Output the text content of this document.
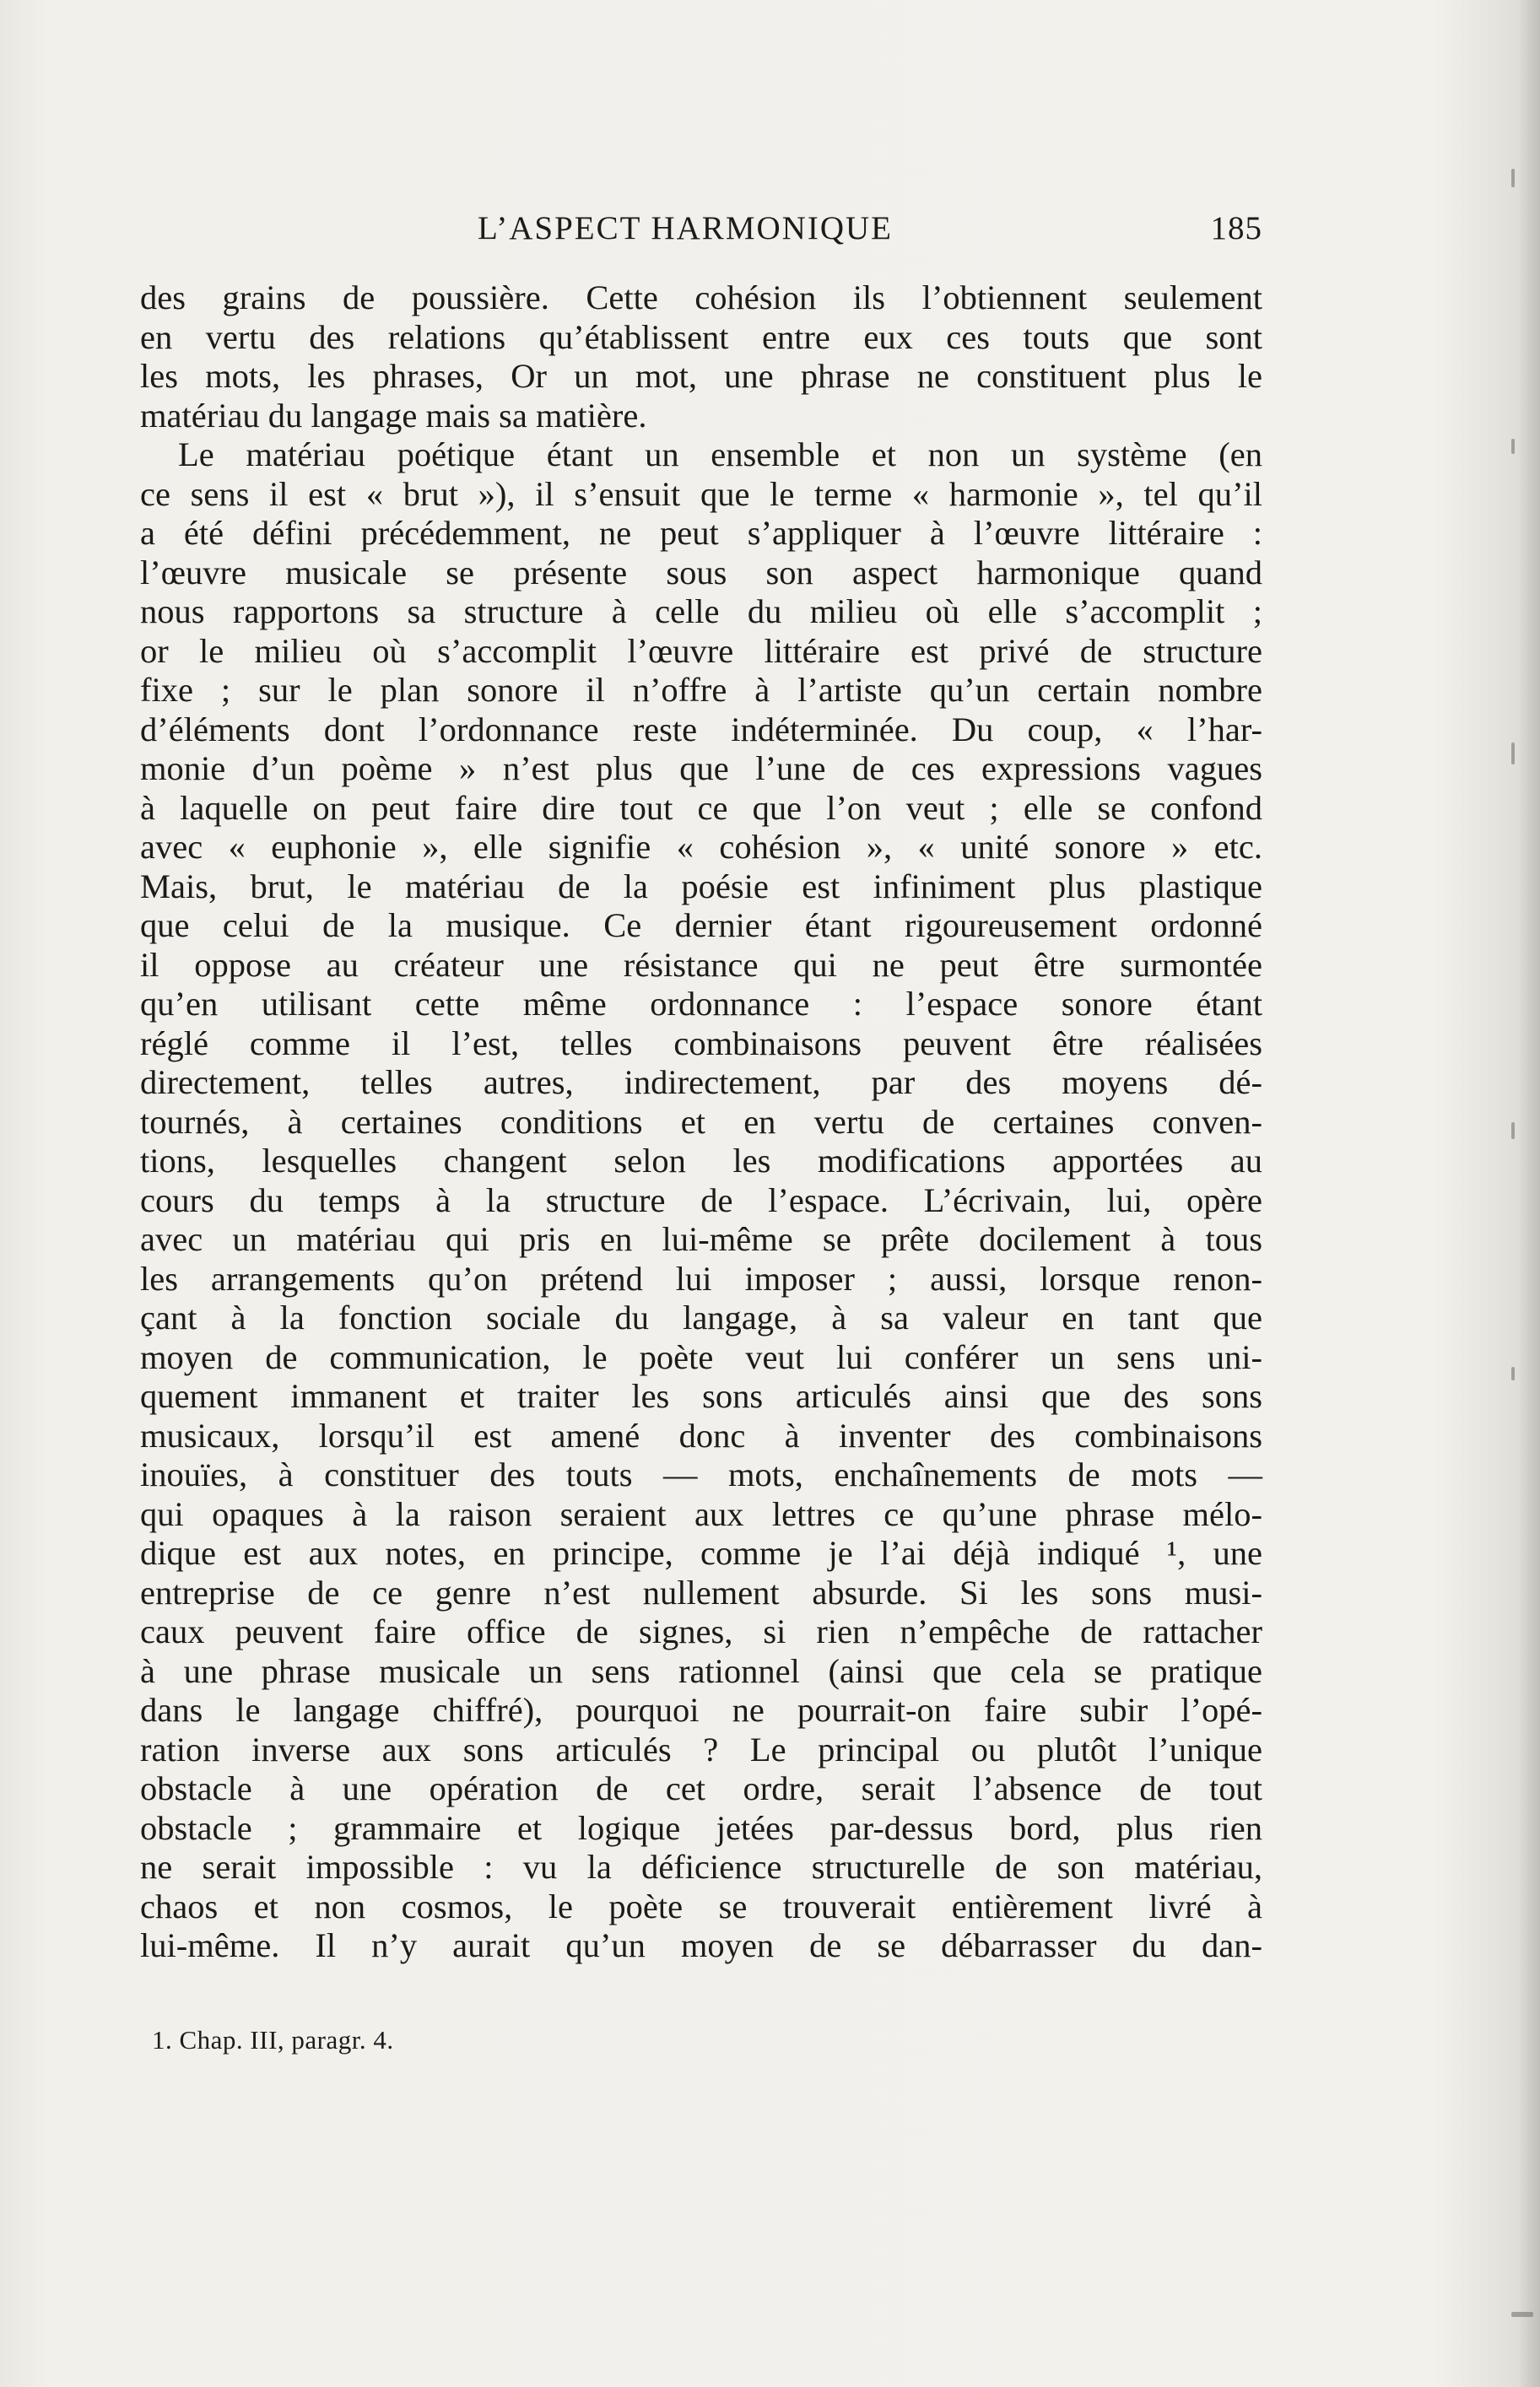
L’ASPECT HARMONIQUE	185
des grains de poussière. Cette cohésion ils l’obtiennent seulement
en vertu des relations qu’établissent entre eux ces touts que sont
les mots, les phrases, Or un mot, une phrase ne constituent plus le
matériau du langage mais sa matière.
Le matériau poétique étant un ensemble et non un système (en
ce sens il est « brut »), il s’ensuit que le terme « harmonie », tel qu’il
a été défini précédemment, ne peut s’appliquer à l’œuvre littéraire :
l’œuvre musicale se présente sous son aspect harmonique quand
nous rapportons sa structure à celle du milieu où elle s’accomplit ;
or le milieu où s’accomplit l’œuvre littéraire est privé de structure
fixe ; sur le plan sonore il n’offre à l’artiste qu’un certain nombre
d’éléments dont l’ordonnance reste indéterminée. Du coup, « l’har-
monie d’un poème » n’est plus que l’une de ces expressions vagues
à laquelle on peut faire dire tout ce que l’on veut ; elle se confond
avec « euphonie », elle signifie « cohésion », « unité sonore » etc.
Mais, brut, le matériau de la poésie est infiniment plus plastique
que celui de la musique. Ce dernier étant rigoureusement ordonné
il oppose au créateur une résistance qui ne peut être surmontée
qu’en utilisant cette même ordonnance : l’espace sonore étant
réglé comme il l’est, telles combinaisons peuvent être réalisées
directement, telles autres, indirectement, par des moyens dé-
tournés, à certaines conditions et en vertu de certaines conven-
tions, lesquelles changent selon les modifications apportées au
cours du temps à la structure de l’espace. L’écrivain, lui, opère
avec un matériau qui pris en lui-même se prête docilement à tous
les arrangements qu’on prétend lui imposer ; aussi, lorsque renon-
çant à la fonction sociale du langage, à sa valeur en tant que
moyen de communication, le poète veut lui conférer un sens uni-
quement immanent et traiter les sons articulés ainsi que des sons
musicaux, lorsqu’il est amené donc à inventer des combinaisons
inouïes, à constituer des touts — mots, enchaînements de mots —
qui opaques à la raison seraient aux lettres ce qu’une phrase mélo-
dique est aux notes, en principe, comme je l’ai déjà indiqué ¹, une
entreprise de ce genre n’est nullement absurde. Si les sons musi-
caux peuvent faire office de signes, si rien n’empêche de rattacher
à une phrase musicale un sens rationnel (ainsi que cela se pratique
dans le langage chiffré), pourquoi ne pourrait-on faire subir l’opé-
ration inverse aux sons articulés ? Le principal ou plutôt l’unique
obstacle à une opération de cet ordre, serait l’absence de tout
obstacle ; grammaire et logique jetées par-dessus bord, plus rien
ne serait impossible : vu la déficience structurelle de son matériau,
chaos et non cosmos, le poète se trouverait entièrement livré à
lui-même. Il n’y aurait qu’un moyen de se débarrasser du dan-
1. Chap. III, paragr. 4.
